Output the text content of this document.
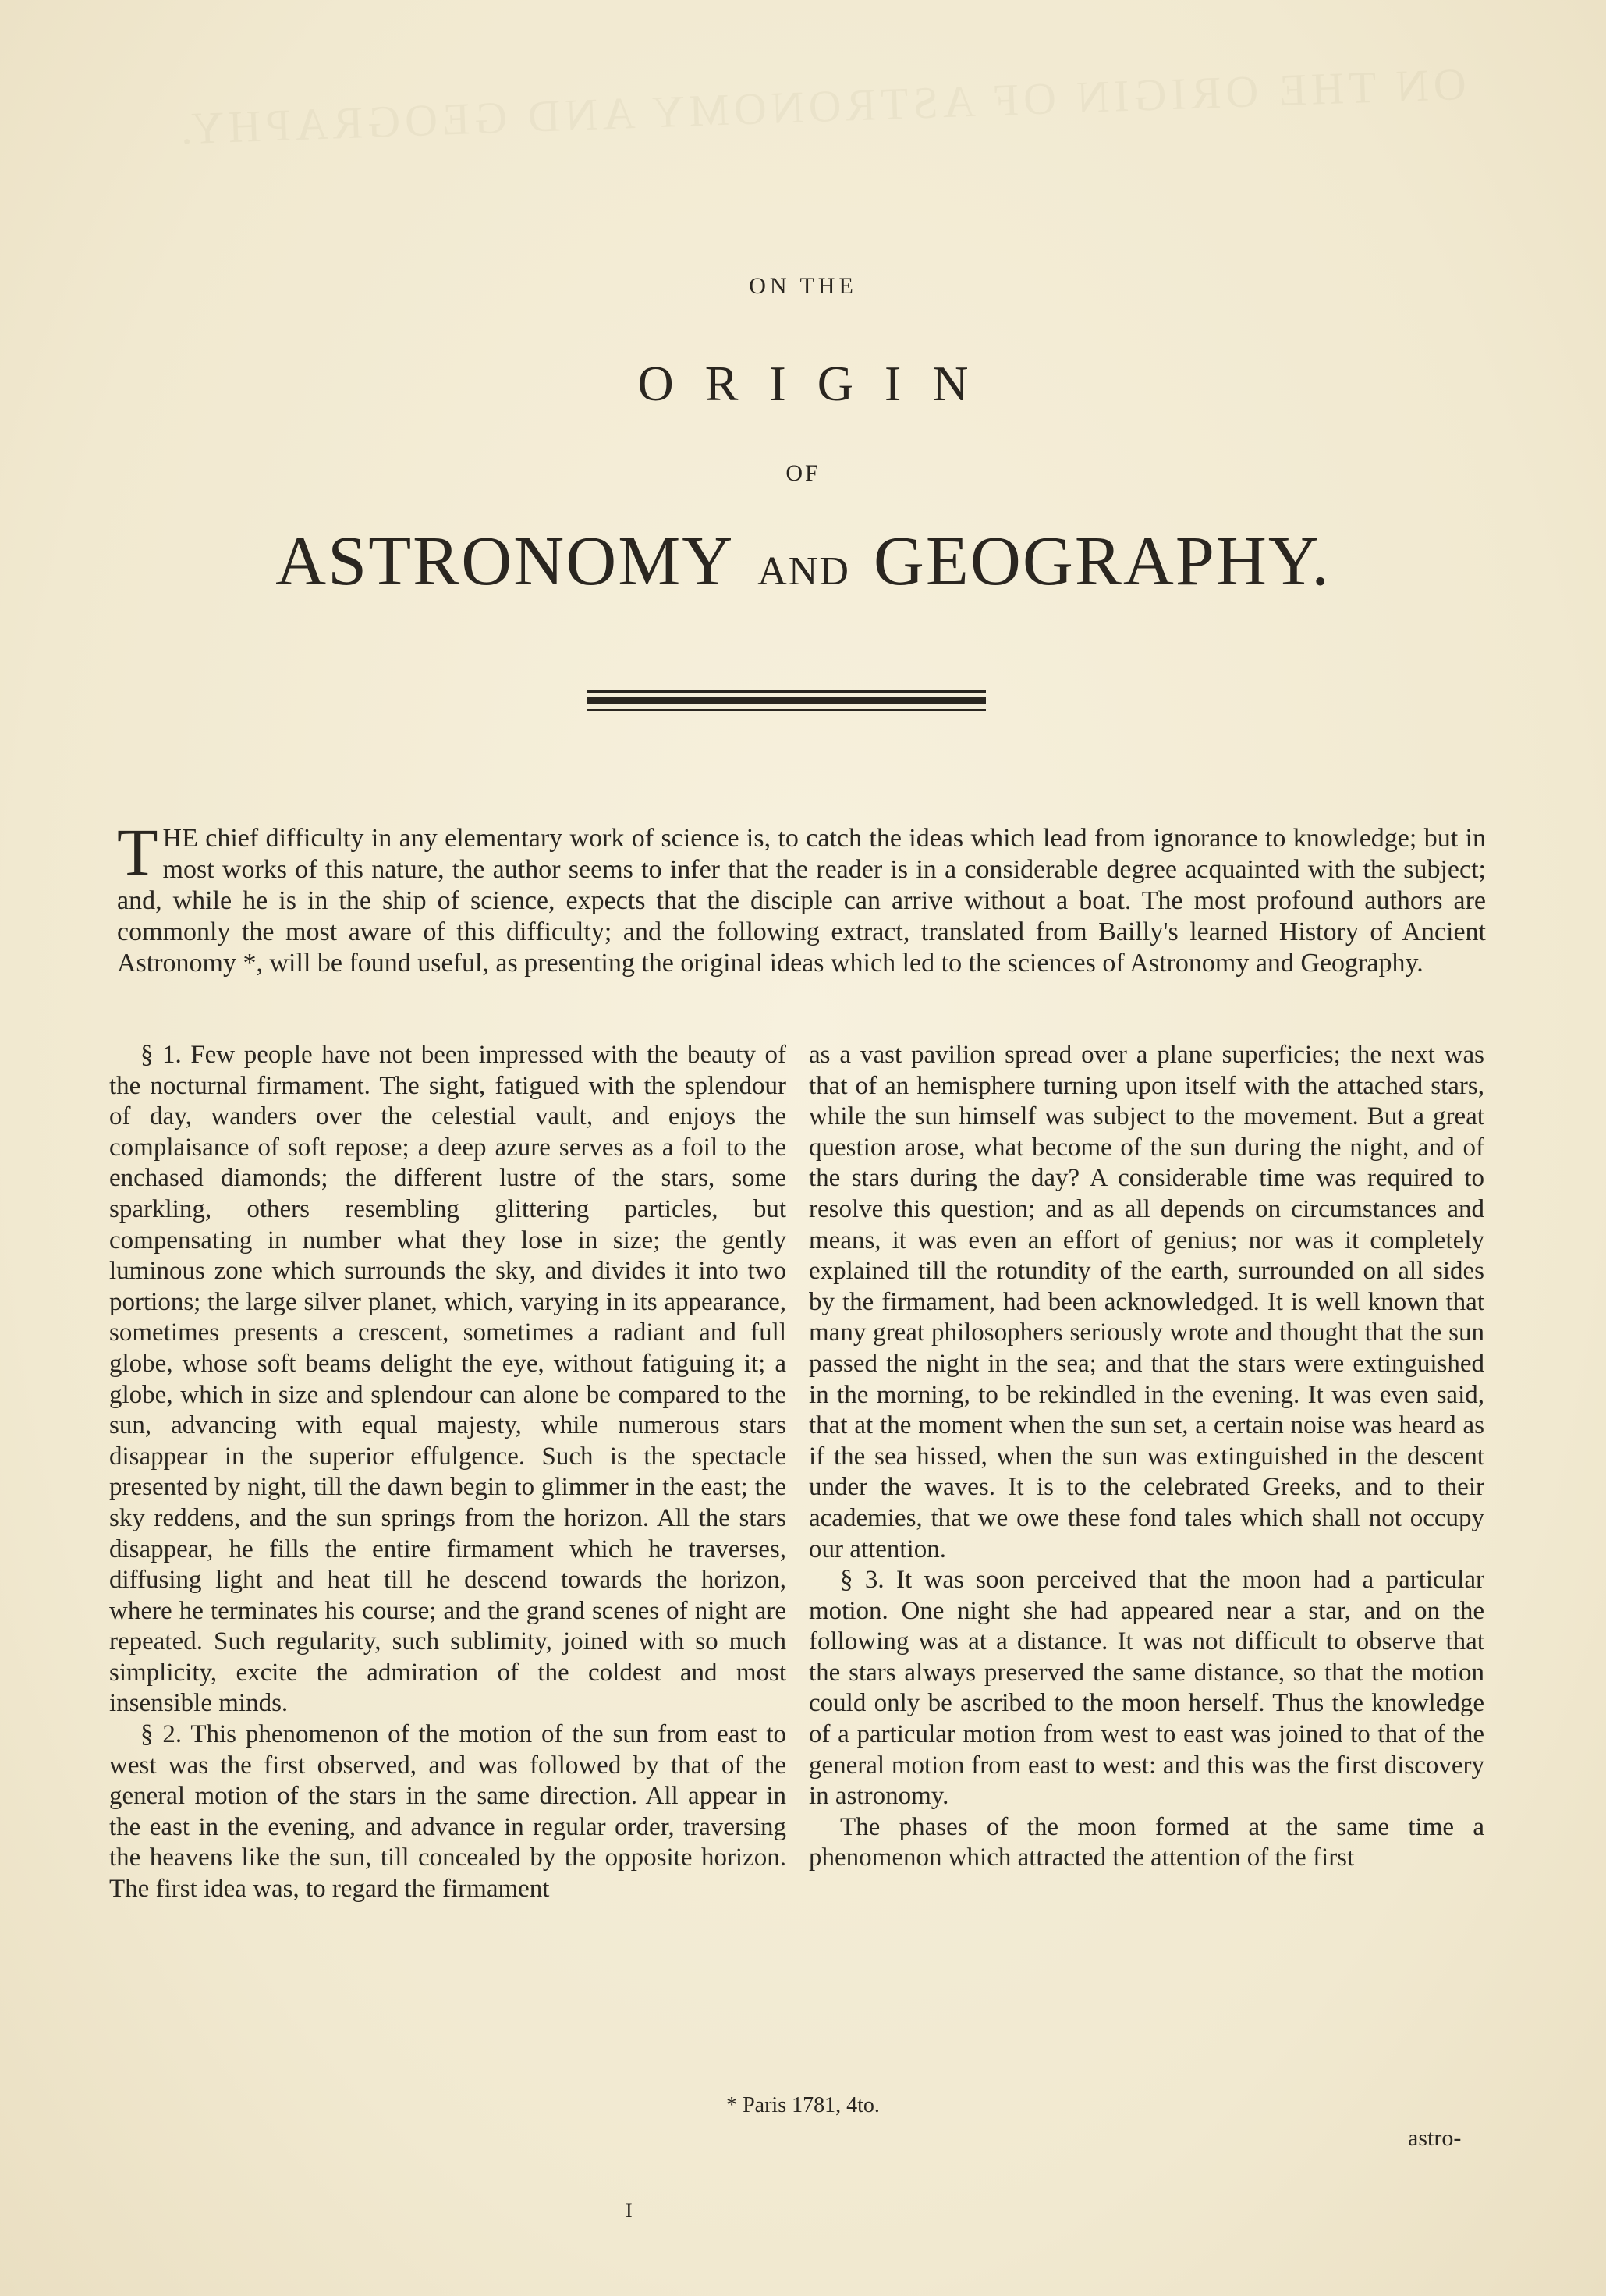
ON THE ORIGIN OF ASTRONOMY AND GEOGRAPHY.
ON THE
ORIGIN
OF
ASTRONOMY AND GEOGRAPHY.

THE chief difficulty in any elementary work of science is, to catch the ideas which lead from ignorance to knowledge; but in most works of this nature, the author seems to infer that the reader is in a considerable degree acquainted with the subject; and, while he is in the ship of science, expects that the disciple can arrive without a boat. The most profound authors are commonly the most aware of this difficulty; and the following extract, translated from Bailly's learned History of Ancient Astronomy *, will be found useful, as presenting the original ideas which led to the sciences of Astronomy and Geography.

§ 1. Few people have not been impressed with the beauty of the nocturnal firmament. The sight, fatigued with the splendour of day, wanders over the celestial vault, and enjoys the complaisance of soft repose; a deep azure serves as a foil to the enchased diamonds; the different lustre of the stars, some sparkling, others resembling glittering particles, but compensating in number what they lose in size; the gently luminous zone which surrounds the sky, and divides it into two portions; the large silver planet, which, varying in its appearance, sometimes presents a crescent, sometimes a radiant and full globe, whose soft beams delight the eye, without fatiguing it; a globe, which in size and splendour can alone be compared to the sun, advancing with equal majesty, while numerous stars disappear in the superior effulgence. Such is the spectacle presented by night, till the dawn begin to glimmer in the east; the sky reddens, and the sun springs from the horizon. All the stars disappear, he fills the entire firmament which he traverses, diffusing light and heat till he descend towards the horizon, where he terminates his course; and the grand scenes of night are repeated. Such regularity, such sublimity, joined with so much simplicity, excite the admiration of the coldest and most insensible minds.

§ 2. This phenomenon of the motion of the sun from east to west was the first observed, and was followed by that of the general motion of the stars in the same direction. All appear in the east in the evening, and advance in regular order, traversing the heavens like the sun, till concealed by the opposite horizon. The first idea was, to regard the firmament

as a vast pavilion spread over a plane superficies; the next was that of an hemisphere turning upon itself with the attached stars, while the sun himself was subject to the movement. But a great question arose, what become of the sun during the night, and of the stars during the day? A considerable time was required to resolve this question; and as all depends on circumstances and means, it was even an effort of genius; nor was it completely explained till the rotundity of the earth, surrounded on all sides by the firmament, had been acknowledged. It is well known that many great philosophers seriously wrote and thought that the sun passed the night in the sea; and that the stars were extinguished in the morning, to be rekindled in the evening. It was even said, that at the moment when the sun set, a certain noise was heard as if the sea hissed, when the sun was extinguished in the descent under the waves. It is to the celebrated Greeks, and to their academies, that we owe these fond tales which shall not occupy our attention.

§ 3. It was soon perceived that the moon had a particular motion. One night she had appeared near a star, and on the following was at a distance. It was not difficult to observe that the stars always preserved the same distance, so that the motion could only be ascribed to the moon herself. Thus the knowledge of a particular motion from west to east was joined to that of the general motion from east to west: and this was the first discovery in astronomy.

The phases of the moon formed at the same time a phenomenon which attracted the attention of the first

* Paris 1781, 4to.
astro-
I
